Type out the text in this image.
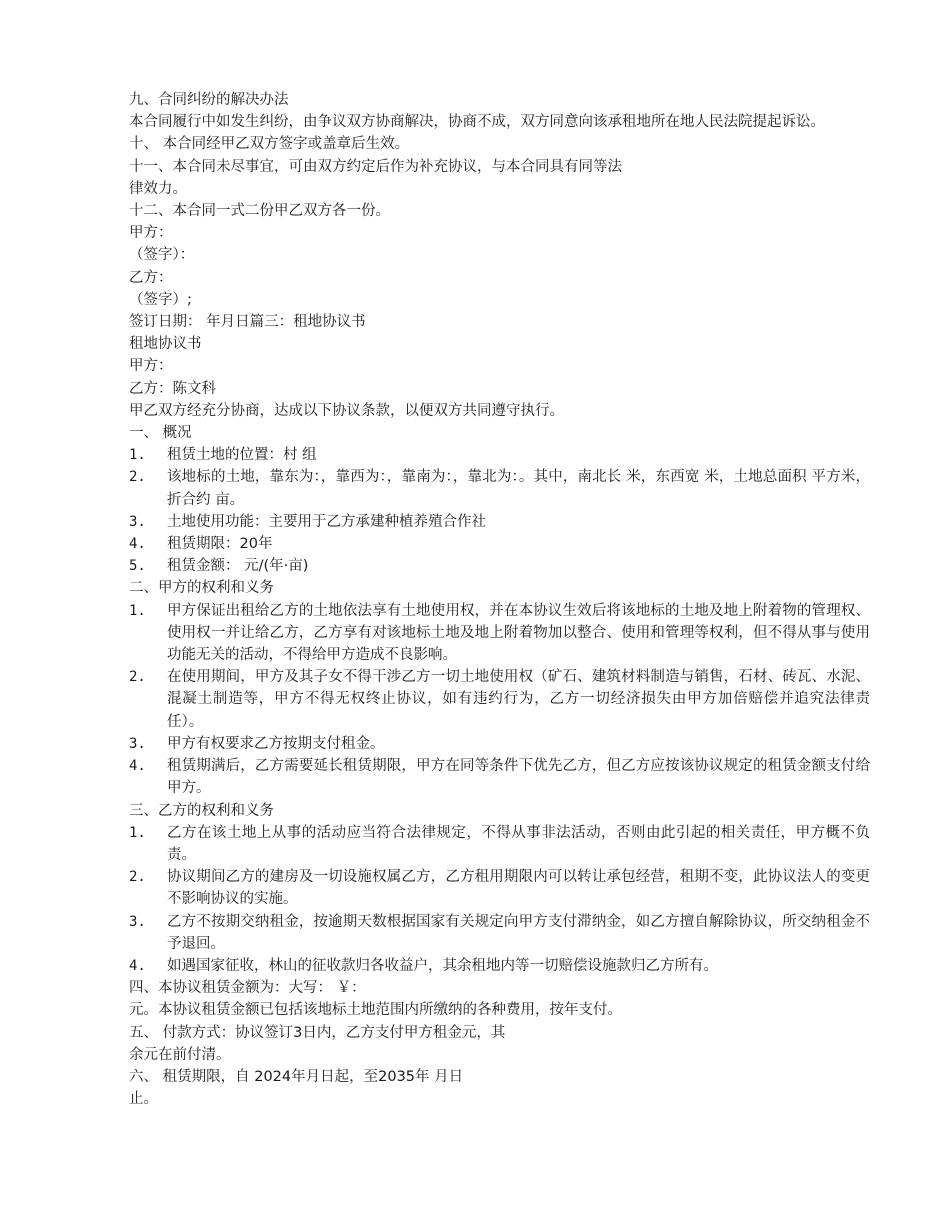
九、合同纠纷的解决办法
本合同履行中如发生纠纷，由争议双方协商解决，协商不成，双方同意向该承租地所在地人民法院提起诉讼。
十、 本合同经甲乙双方签字或盖章后生效。
十一、本合同未尽事宜，可由双方约定后作为补充协议，与本合同具有同等法
律效力。
十二、本合同一式二份甲乙双方各一份。
甲方：
（签字）：
乙方：
（签字）;
签订日期： 年月日篇三：租地协议书
租地协议书
甲方：
乙方：陈文科
甲乙双方经充分协商，达成以下协议条款，以便双方共同遵守执行。
一、 概况
1.	租赁土地的位置：村 组
2.	该地标的土地，靠东为：，靠西为：，靠南为：，靠北为：。其中，南北长 米，东西宽 米，土地总面积 平方米，折合约 亩。
3.	土地使用功能：主要用于乙方承建种植养殖合作社
4.	租赁期限：20年
5.	租赁金额： 元/(年·亩)
二、甲方的权利和义务
1.	甲方保证出租给乙方的土地依法享有土地使用权，并在本协议生效后将该地标的土地及地上附着物的管理权、使用权一并让给乙方，乙方享有对该地标土地及地上附着物加以整合、使用和管理等权利，但不得从事与使用功能无关的活动，不得给甲方造成不良影响。
2.	在使用期间，甲方及其子女不得干涉乙方一切土地使用权（矿石、建筑材料制造与销售，石材、砖瓦、水泥、混凝土制造等，甲方不得无权终止协议，如有违约行为，乙方一切经济损失由甲方加倍赔偿并追究法律责任）。
3.	甲方有权要求乙方按期支付租金。
4.	租赁期满后，乙方需要延长租赁期限，甲方在同等条件下优先乙方，但乙方应按该协议规定的租赁金额支付给甲方。
三、乙方的权利和义务
1.	乙方在该土地上从事的活动应当符合法律规定，不得从事非法活动，否则由此引起的相关责任，甲方概不负责。
2.	协议期间乙方的建房及一切设施权属乙方，乙方租用期限内可以转让承包经营，租期不变，此协议法人的变更不影响协议的实施。
3.	乙方不按期交纳租金，按逾期天数根据国家有关规定向甲方支付滞纳金，如乙方擅自解除协议，所交纳租金不予退回。
4.	如遇国家征收，林山的征收款归各收益户，其余租地内等一切赔偿设施款归乙方所有。
四、本协议租赁金额为：大写： ￥：
元。本协议租赁金额已包括该地标土地范围内所缴纳的各种费用，按年支付。
五、 付款方式：协议签订3日内，乙方支付甲方租金元，其
余元在前付清。
六、 租赁期限，自 2024年月日起，至2035年 月日
止。
